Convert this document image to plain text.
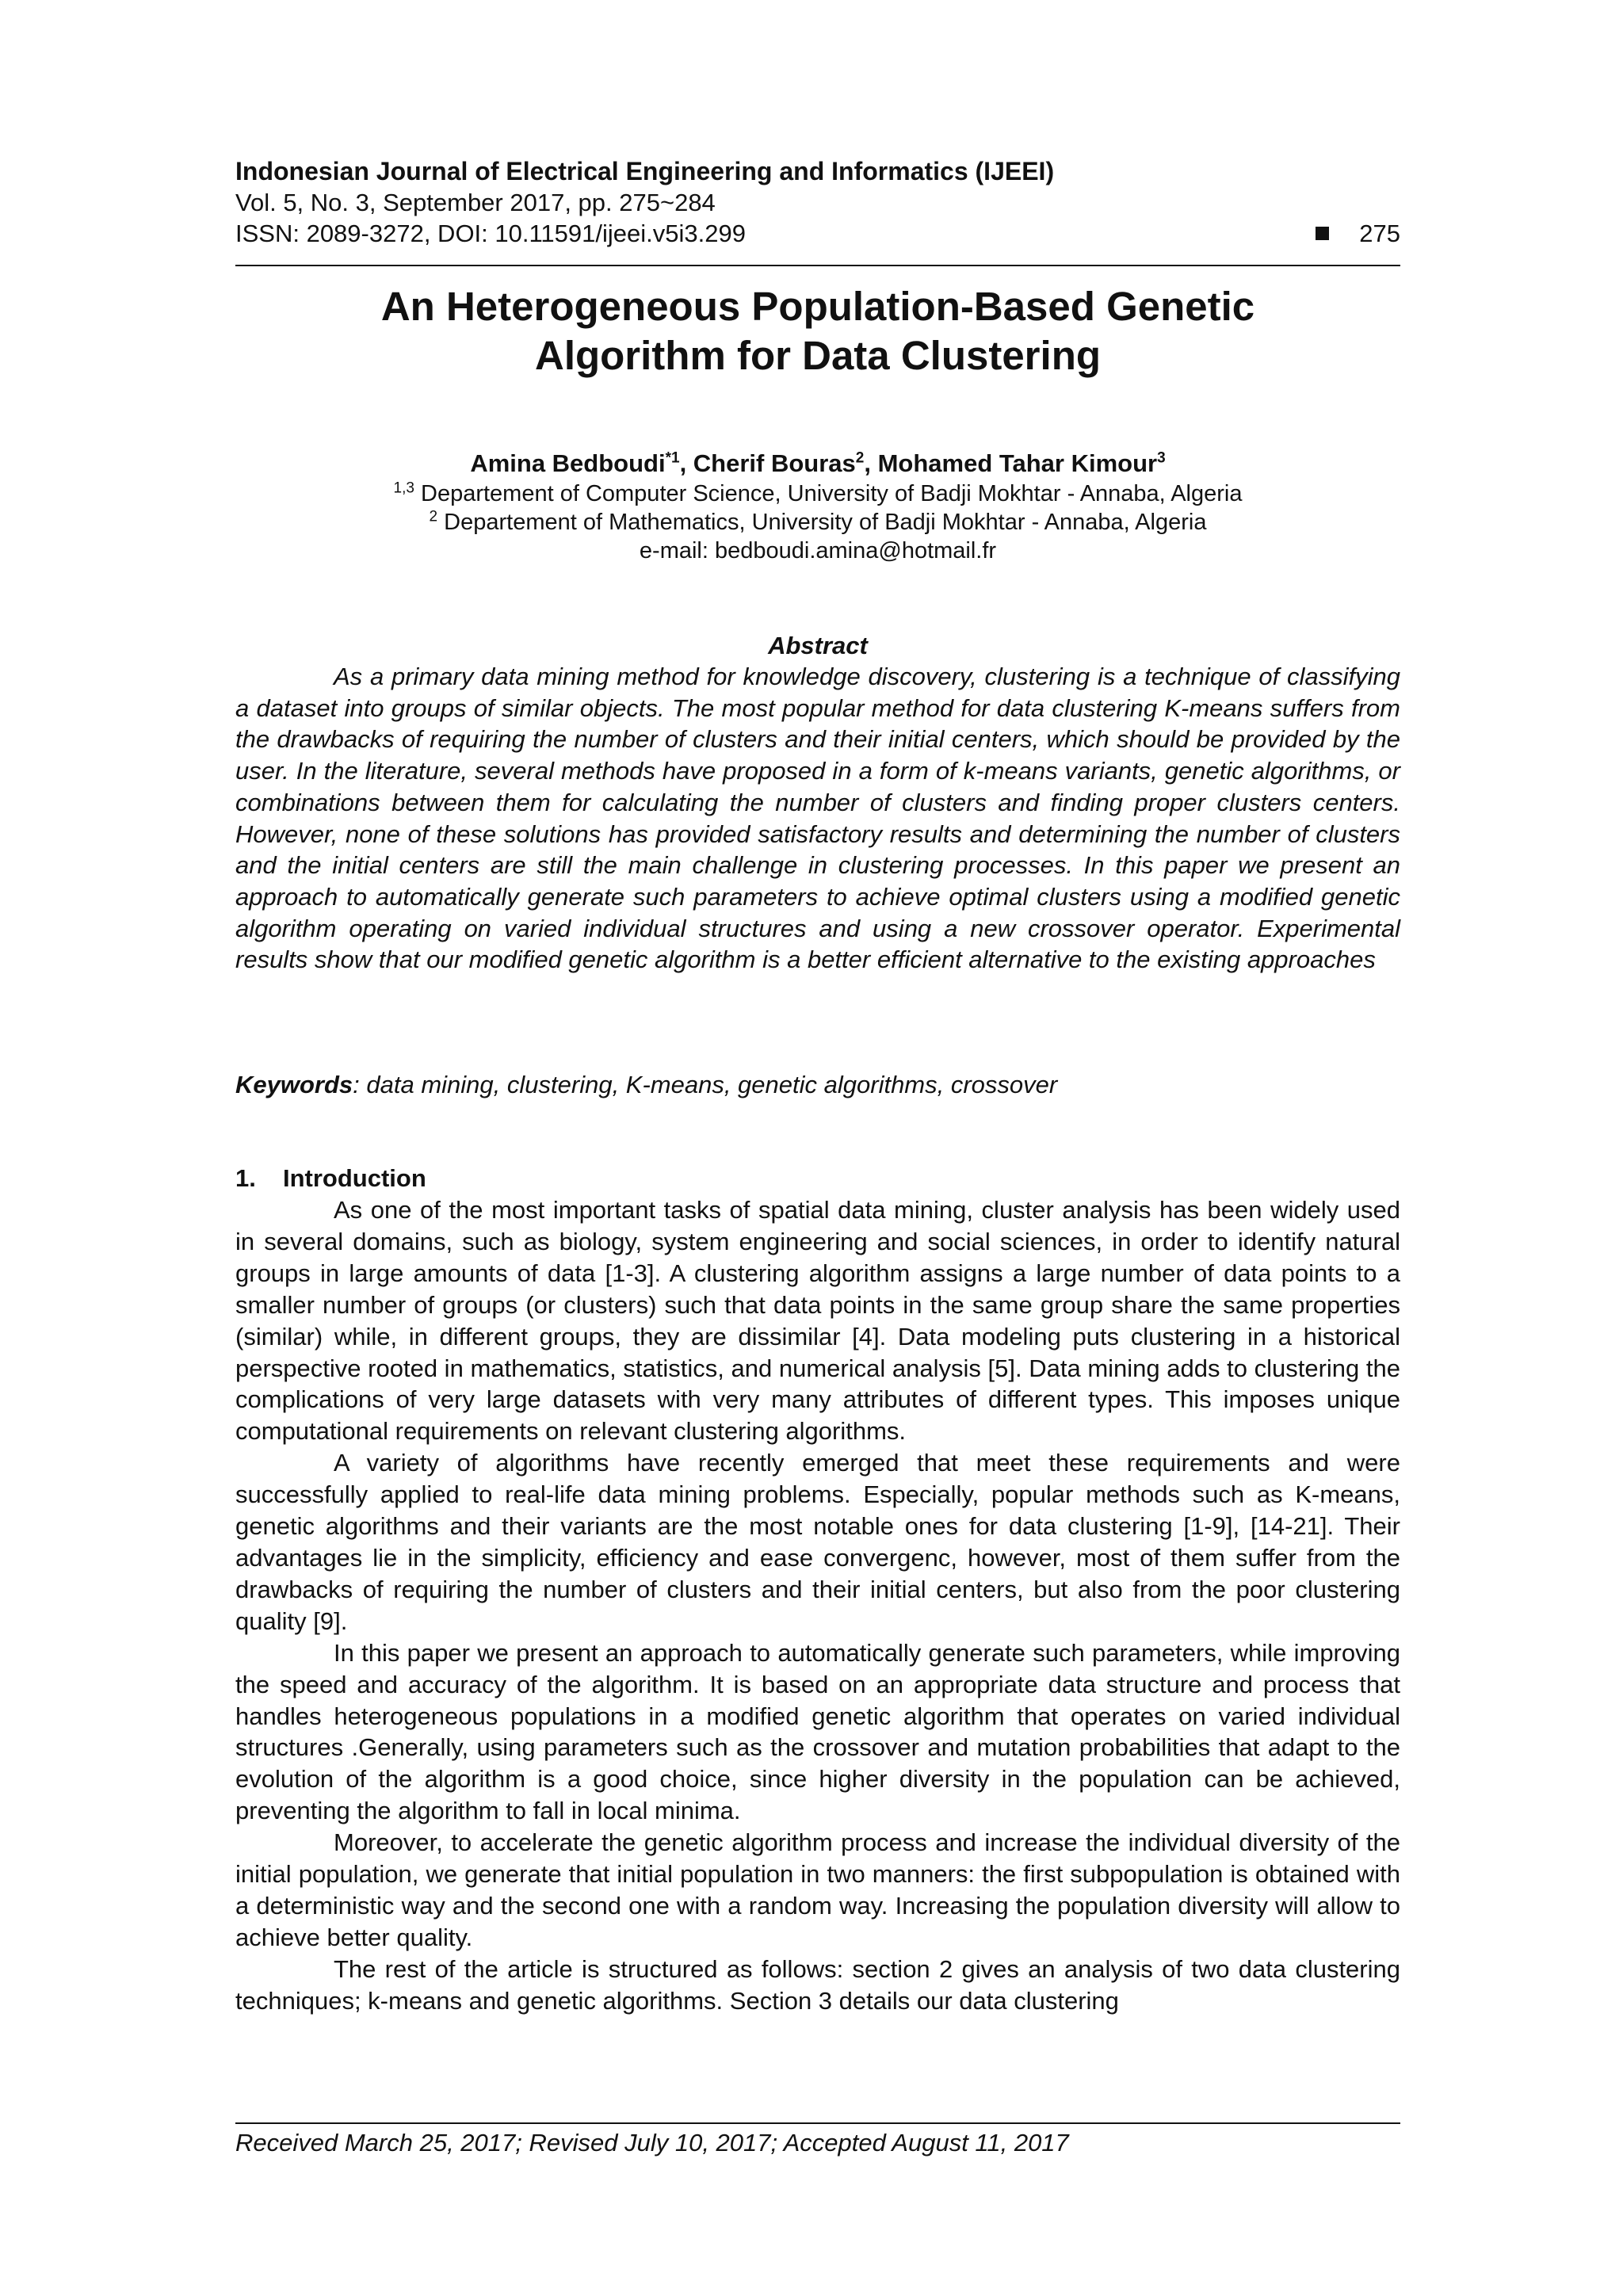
Indonesian Journal of Electrical Engineering and Informatics (IJEEI)
Vol. 5, No. 3, September 2017, pp. 275~284
ISSN: 2089-3272, DOI: 10.11591/ijeei.v5i3.299	275
An Heterogeneous Population-Based Genetic
Algorithm for Data Clustering
Amina Bedboudi$^{*1}$, Cherif Bouras$^2$, Mohamed Tahar Kimour$^3$
$^{1,3}$ Departement of Computer Science, University of Badji Mokhtar - Annaba, Algeria
$^2$ Departement of Mathematics, University of Badji Mokhtar - Annaba, Algeria
e-mail: bedboudi.amina@hotmail.fr
Abstract
As a primary data mining method for knowledge discovery, clustering is a technique of classifying a dataset into groups of similar objects. The most popular method for data clustering K-means suffers from the drawbacks of requiring the number of clusters and their initial centers, which should be provided by the user. In the literature, several methods have proposed in a form of k-means variants, genetic algorithms, or combinations between them for calculating the number of clusters and finding proper clusters centers. However, none of these solutions has provided satisfactory results and determining the number of clusters and the initial centers are still the main challenge in clustering processes. In this paper we present an approach to automatically generate such parameters to achieve optimal clusters using a modified genetic algorithm operating on varied individual structures and using a new crossover operator. Experimental results show that our modified genetic algorithm is a better efficient alternative to the existing approaches
Keywords: data mining, clustering, K-means, genetic algorithms, crossover
1. Introduction

As one of the most important tasks of spatial data mining, cluster analysis has been widely used in several domains, such as biology, system engineering and social sciences, in order to identify natural groups in large amounts of data [1-3]. A clustering algorithm assigns a large number of data points to a smaller number of groups (or clusters) such that data points in the same group share the same properties (similar) while, in different groups, they are dissimilar [4]. Data modeling puts clustering in a historical perspective rooted in mathematics, statistics, and numerical analysis [5]. Data mining adds to clustering the complications of very large datasets with very many attributes of different types. This imposes unique computational requirements on relevant clustering algorithms.

A variety of algorithms have recently emerged that meet these requirements and were successfully applied to real-life data mining problems. Especially, popular methods such as K-means, genetic algorithms and their variants are the most notable ones for data clustering [1-9], [14-21]. Their advantages lie in the simplicity, efficiency and ease convergenc, however, most of them suffer from the drawbacks of requiring the number of clusters and their initial centers, but also from the poor clustering quality [9].

In this paper we present an approach to automatically generate such parameters, while improving the speed and accuracy of the algorithm. It is based on an appropriate data structure and process that handles heterogeneous populations in a modified genetic algorithm that operates on varied individual structures .Generally, using parameters such as the crossover and mutation probabilities that adapt to the evolution of the algorithm is a good choice, since higher diversity in the population can be achieved, preventing the algorithm to fall in local minima.

Moreover, to accelerate the genetic algorithm process and increase the individual diversity of the initial population, we generate that initial population in two manners: the first subpopulation is obtained with a deterministic way and the second one with a random way. Increasing the population diversity will allow to achieve better quality.

The rest of the article is structured as follows: section 2 gives an analysis of two data clustering techniques; k-means and genetic algorithms. Section 3 details our data clustering

Received March 25, 2017; Revised July 10, 2017; Accepted August 11, 2017
